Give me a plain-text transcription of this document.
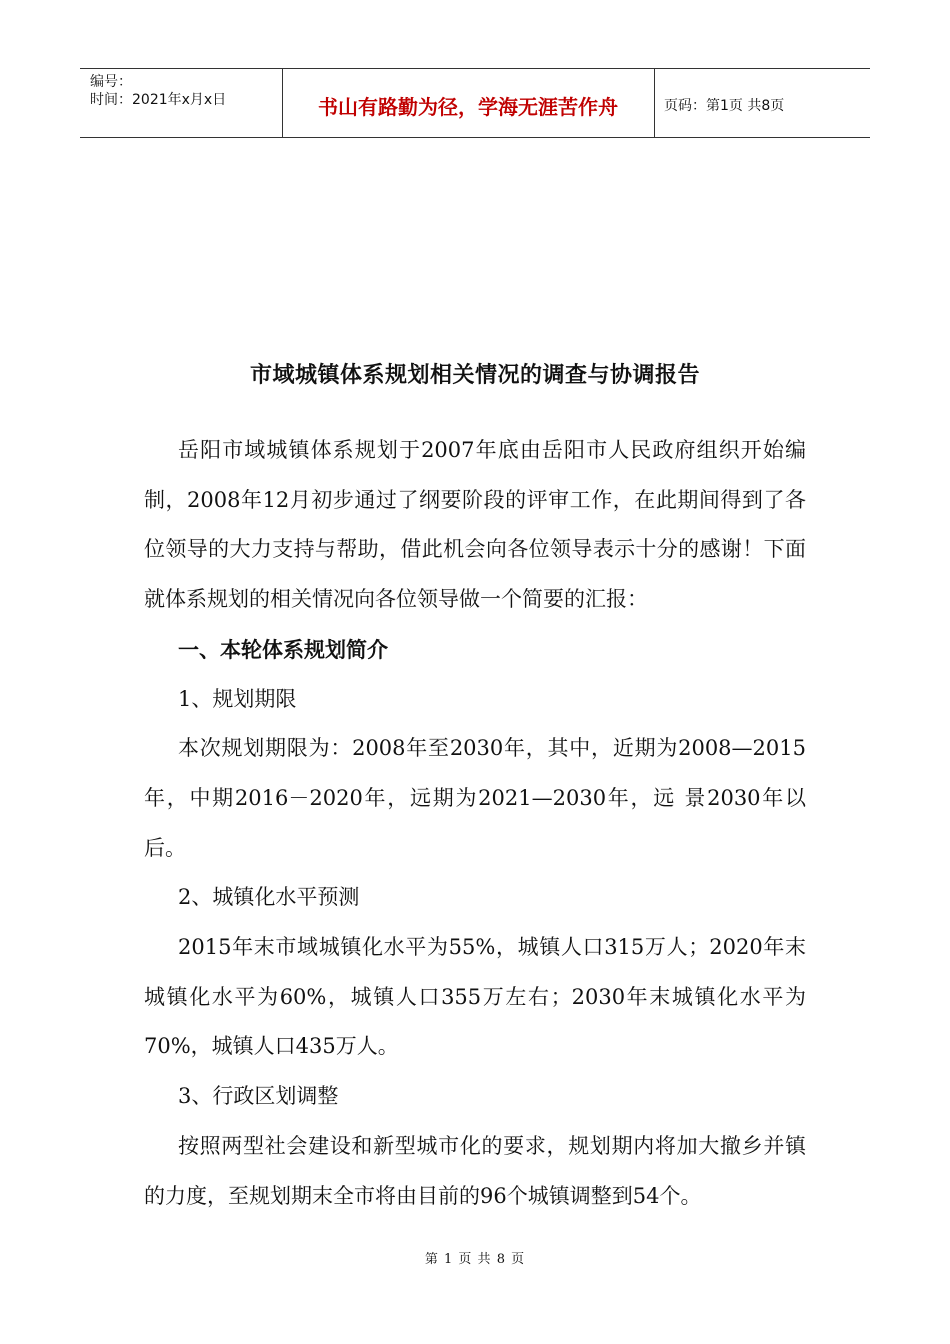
编号：
时间：2021年x月x日	书山有路勤为径，学海无涯苦作舟	页码：第1页 共8页
市域城镇体系规划相关情况的调查与协调报告

岳阳市域城镇体系规划于2007年底由岳阳市人民政府组织开始编制，2008年12月初步通过了纲要阶段的评审工作，在此期间得到了各位领导的大力支持与帮助，借此机会向各位领导表示十分的感谢！下面就体系规划的相关情况向各位领导做一个简要的汇报：

一、本轮体系规划简介

1、规划期限

本次规划期限为：2008年至2030年，其中，近期为2008—2015年，中期2016－2020年，远期为2021—2030年，远 景2030年以后。

2、城镇化水平预测

2015年末市域城镇化水平为55%，城镇人口315万人；2020年末城镇化水平为60%，城镇人口355万左右；2030年末城镇化水平为70%，城镇人口435万人。

3、行政区划调整

按照两型社会建设和新型城市化的要求，规划期内将加大撤乡并镇的力度，至规划期末全市将由目前的96个城镇调整到54个。

第 1 页 共 8 页
